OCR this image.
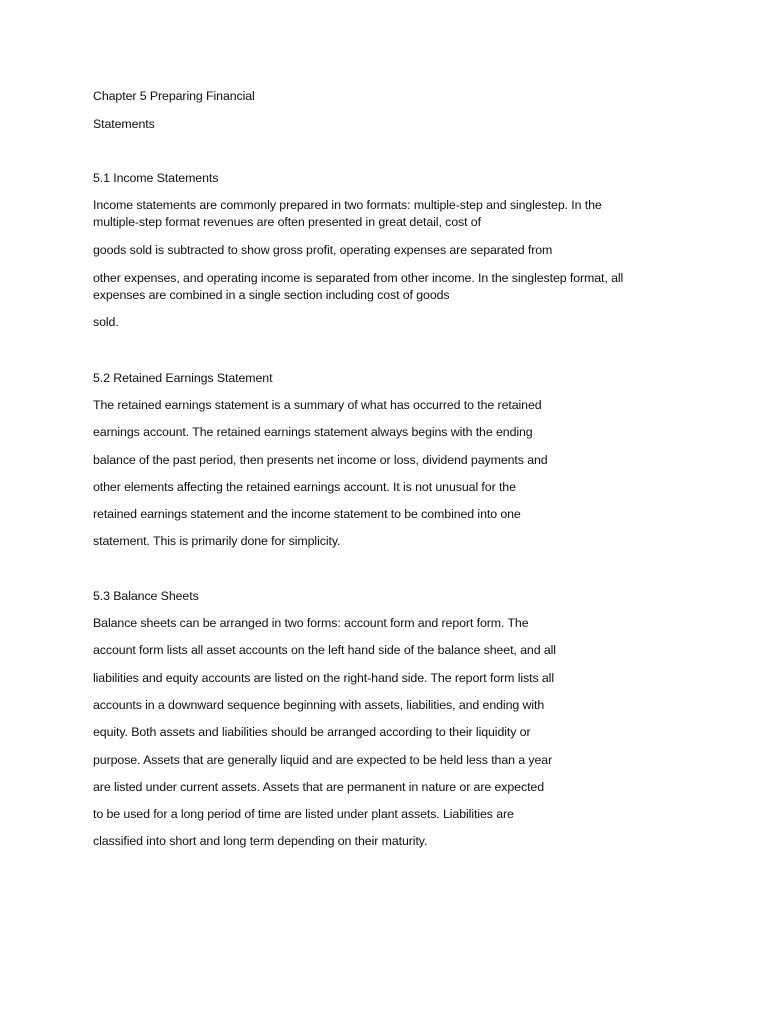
Chapter 5 Preparing Financial
Statements
5.1 Income Statements
Income statements are commonly prepared in two formats: multiple-step and singlestep. In the
multiple-step format revenues are often presented in great detail, cost of
goods sold is subtracted to show gross profit, operating expenses are separated from
other expenses, and operating income is separated from other income. In the singlestep format, all
expenses are combined in a single section including cost of goods
sold.
5.2 Retained Earnings Statement
The retained earnings statement is a summary of what has occurred to the retained
earnings account. The retained earnings statement always begins with the ending
balance of the past period, then presents net income or loss, dividend payments and
other elements affecting the retained earnings account. It is not unusual for the
retained earnings statement and the income statement to be combined into one
statement. This is primarily done for simplicity.
5.3 Balance Sheets
Balance sheets can be arranged in two forms: account form and report form. The
account form lists all asset accounts on the left hand side of the balance sheet, and all
liabilities and equity accounts are listed on the right-hand side. The report form lists all
accounts in a downward sequence beginning with assets, liabilities, and ending with
equity. Both assets and liabilities should be arranged according to their liquidity or
purpose. Assets that are generally liquid and are expected to be held less than a year
are listed under current assets. Assets that are permanent in nature or are expected
to be used for a long period of time are listed under plant assets. Liabilities are
classified into short and long term depending on their maturity.
